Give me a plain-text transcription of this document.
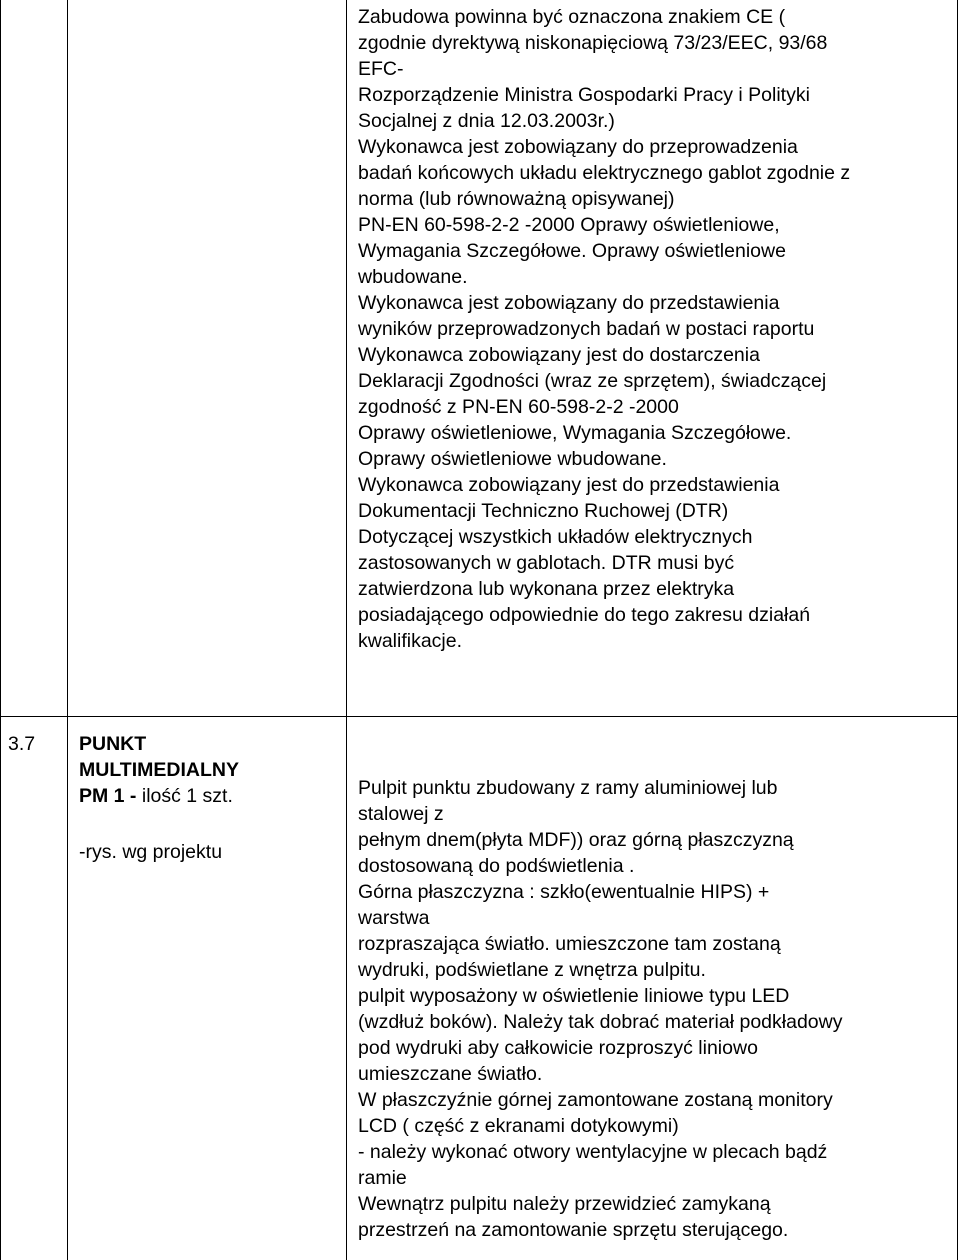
Zabudowa powinna być oznaczona znakiem CE (
zgodnie dyrektywą niskonapięciową 73/23/EEC, 93/68
EFC-
Rozporządzenie Ministra Gospodarki Pracy i Polityki
Socjalnej z dnia 12.03.2003r.)
Wykonawca jest zobowiązany do przeprowadzenia
badań końcowych układu elektrycznego gablot zgodnie z
norma (lub równoważną opisywanej)
PN-EN 60-598-2-2 -2000 Oprawy oświetleniowe,
Wymagania Szczegółowe. Oprawy oświetleniowe
wbudowane.
Wykonawca jest zobowiązany do przedstawienia
wyników przeprowadzonych badań w postaci raportu
Wykonawca zobowiązany jest do dostarczenia
Deklaracji Zgodności (wraz ze sprzętem), świadczącej
zgodność z PN-EN 60-598-2-2 -2000
Oprawy oświetleniowe, Wymagania Szczegółowe.
Oprawy oświetleniowe wbudowane.
Wykonawca zobowiązany jest do przedstawienia
Dokumentacji Techniczno Ruchowej (DTR)
Dotyczącej wszystkich układów elektrycznych
zastosowanych w gablotach. DTR musi być
zatwierdzona lub wykonana przez elektryka
posiadającego odpowiednie do tego zakresu działań
kwalifikacje.
3.7 PUNKT
MULTIMEDIALNY
PM 1 - ilość 1 szt.
-rys. wg projektu
Pulpit punktu zbudowany z ramy aluminiowej lub
stalowej z
pełnym dnem(płyta MDF)) oraz górną płaszczyzną
dostosowaną do podświetlenia .
Górna płaszczyzna : szkło(ewentualnie HIPS) +
warstwa
rozpraszająca światło. umieszczone tam zostaną
wydruki, podświetlane z wnętrza pulpitu.
pulpit wyposażony w oświetlenie liniowe typu LED
(wzdłuż boków). Należy tak dobrać materiał podkładowy
pod wydruki aby całkowicie rozproszyć liniowo
umieszczane światło.
W płaszczyźnie górnej zamontowane zostaną monitory
LCD ( część z ekranami dotykowymi)
- należy wykonać otwory wentylacyjne w plecach bądź
ramie
Wewnątrz pulpitu należy przewidzieć zamykaną
przestrzeń na zamontowanie sprzętu sterującego.
